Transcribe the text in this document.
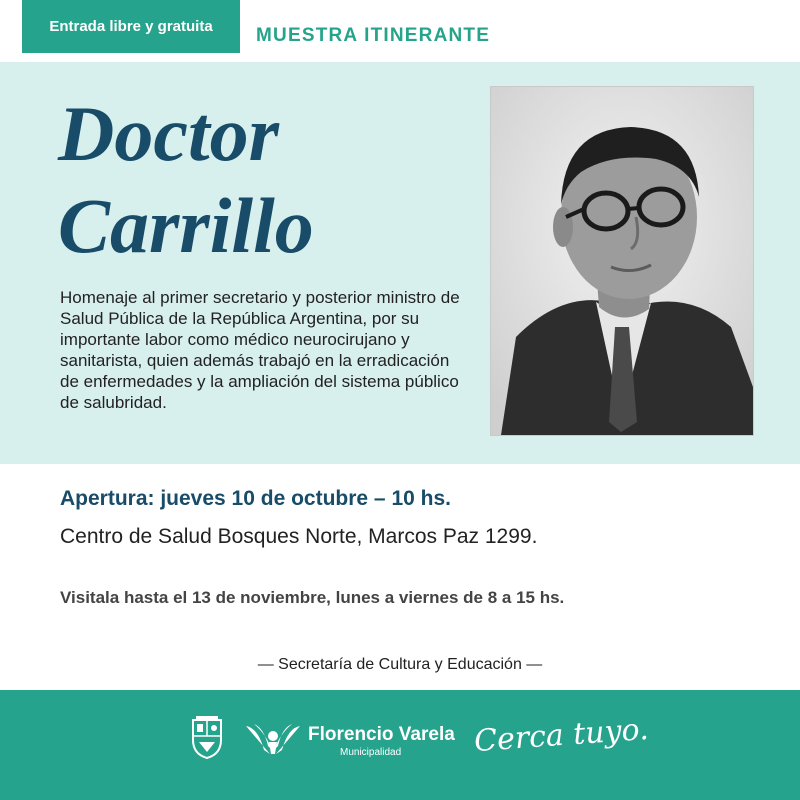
Entrada libre y gratuita	MUESTRA ITINERANTE
Doctor
Carrillo

Homenaje al primer secretario y posterior ministro de Salud Pública de la República Argentina, por su importante labor como médico neurocirujano y sanitarista, quien además trabajó en la erradicación de enfermedades y la ampliación del sistema público de salubridad.

Apertura: jueves 10 de octubre – 10 hs.
Centro de Salud Bosques Norte, Marcos Paz 1299.
Visitala hasta el 13 de noviembre, lunes a viernes de 8 a 15 hs.
— Secretaría de Cultura y Educación —
Florencio Varela
Municipalidad Cerca tuyo.
